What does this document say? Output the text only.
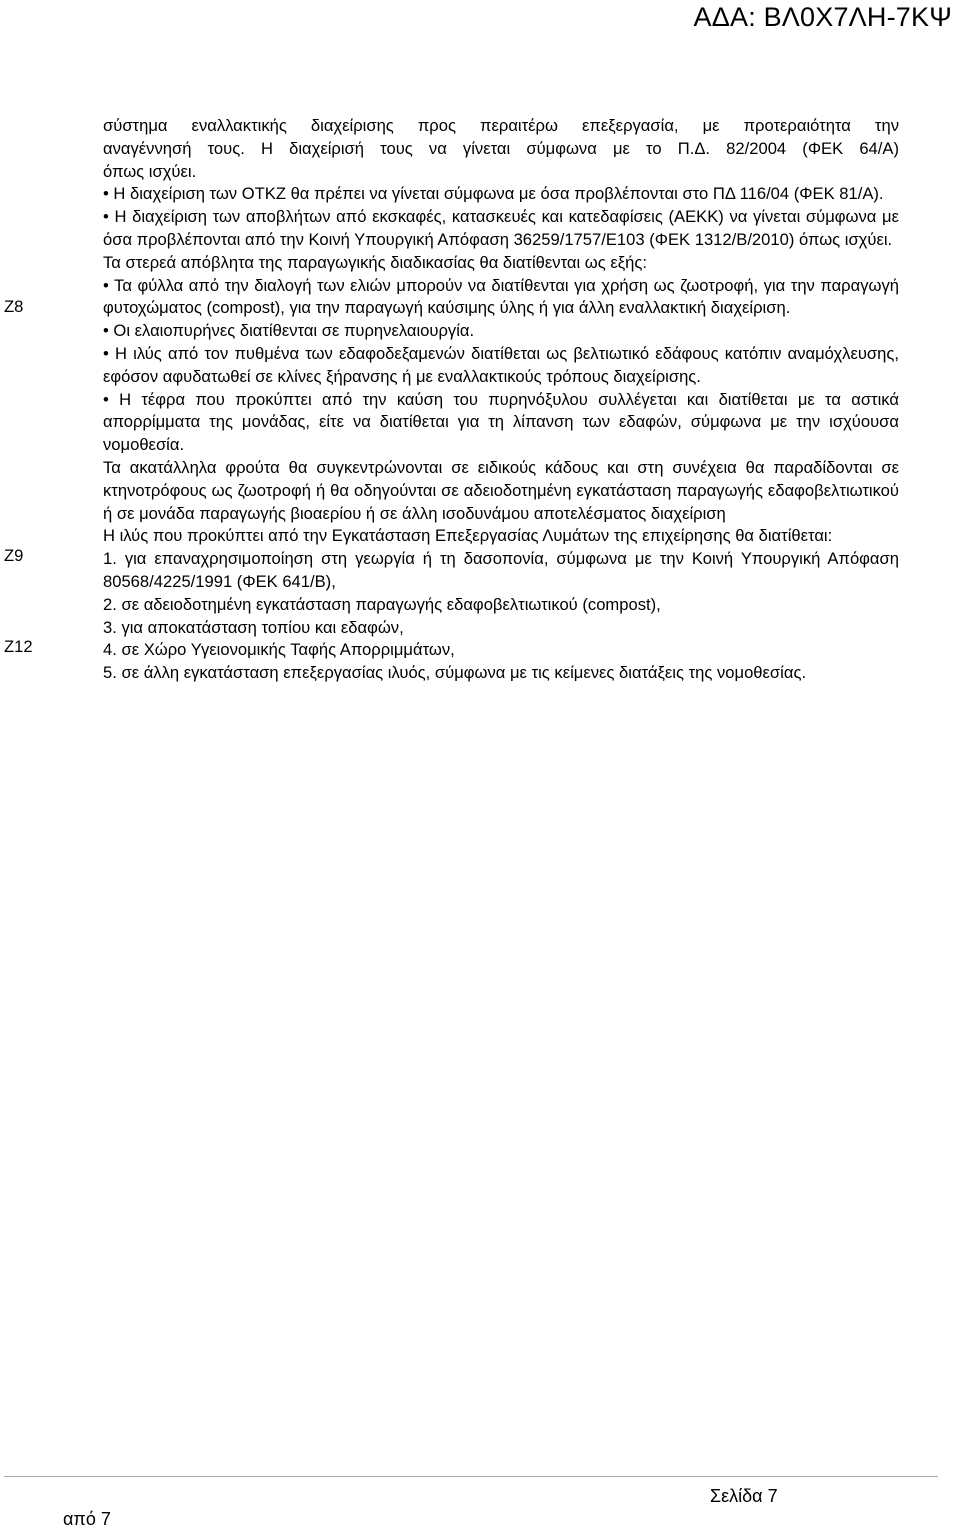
ΑΔΑ: ΒΛ0Χ7ΛΗ-7ΚΨ
Ζ8
Ζ9
Ζ12

σύστημα εναλλακτικής διαχείρισης προς περαιτέρω επεξεργασία, με προτεραιότητα την

αναγέννησή τους. Η διαχείρισή τους να γίνεται σύμφωνα με το Π.Δ. 82/2004 (ΦΕΚ 64/Α)

όπως ισχύει.

• Η διαχείριση των ΟΤΚΖ θα πρέπει να γίνεται σύμφωνα με όσα προβλέπονται στο ΠΔ 116/04 (ΦΕΚ 81/Α).

• Η διαχείριση των αποβλήτων από εκσκαφές, κατασκευές και κατεδαφίσεις (ΑΕΚΚ) να γίνεται σύμφωνα με όσα προβλέπονται από την Κοινή Υπουργική Απόφαση 36259/1757/Ε103 (ΦΕΚ 1312/Β/2010) όπως ισχύει.

Τα στερεά απόβλητα της παραγωγικής διαδικασίας θα διατίθενται ως εξής:

• Τα φύλλα από την διαλογή των ελιών μπορούν να διατίθενται για χρήση ως ζωοτροφή, για την παραγωγή φυτοχώματος (compost), για την παραγωγή καύσιμης ύλης ή για άλλη εναλλακτική διαχείριση.

• Οι ελαιοπυρήνες διατίθενται σε πυρηνελαιουργία.

• Η ιλύς από τον πυθμένα των εδαφοδεξαμενών διατίθεται ως βελτιωτικό εδάφους κατόπιν αναμόχλευσης, εφόσον αφυδατωθεί σε κλίνες ξήρανσης ή με εναλλακτικούς τρόπους διαχείρισης.

• Η τέφρα που προκύπτει από την καύση του πυρηνόξυλου συλλέγεται και διατίθεται με τα αστικά απορρίμματα της μονάδας, είτε να διατίθεται για τη λίπανση των εδαφών, σύμφωνα με την ισχύουσα νομοθεσία.

Τα ακατάλληλα φρούτα θα συγκεντρώνονται σε ειδικούς κάδους και στη συνέχεια θα παραδίδονται σε κτηνοτρόφους ως ζωοτροφή ή θα οδηγούνται σε αδειοδοτημένη εγκατάσταση παραγωγής εδαφοβελτιωτικού ή σε μονάδα παραγωγής βιοαερίου ή σε άλλη ισοδυνάμου αποτελέσματος διαχείριση

Η ιλύς που προκύπτει από την Εγκατάσταση Επεξεργασίας Λυμάτων της επιχείρησης θα διατίθεται:

1. για επαναχρησιμοποίηση στη γεωργία ή τη δασοπονία, σύμφωνα με την Κοινή Υπουργική Απόφαση 80568/4225/1991 (ΦΕΚ 641/Β),

2. σε αδειοδοτημένη εγκατάσταση παραγωγής εδαφοβελτιωτικού (compost),

3. για αποκατάσταση τοπίου και εδαφών,

4. σε Χώρο Υγειονομικής Ταφής Απορριμμάτων,

5. σε άλλη εγκατάσταση επεξεργασίας ιλυός, σύμφωνα με τις κείμενες διατάξεις της νομοθεσίας.

Σελίδα 7
από 7
